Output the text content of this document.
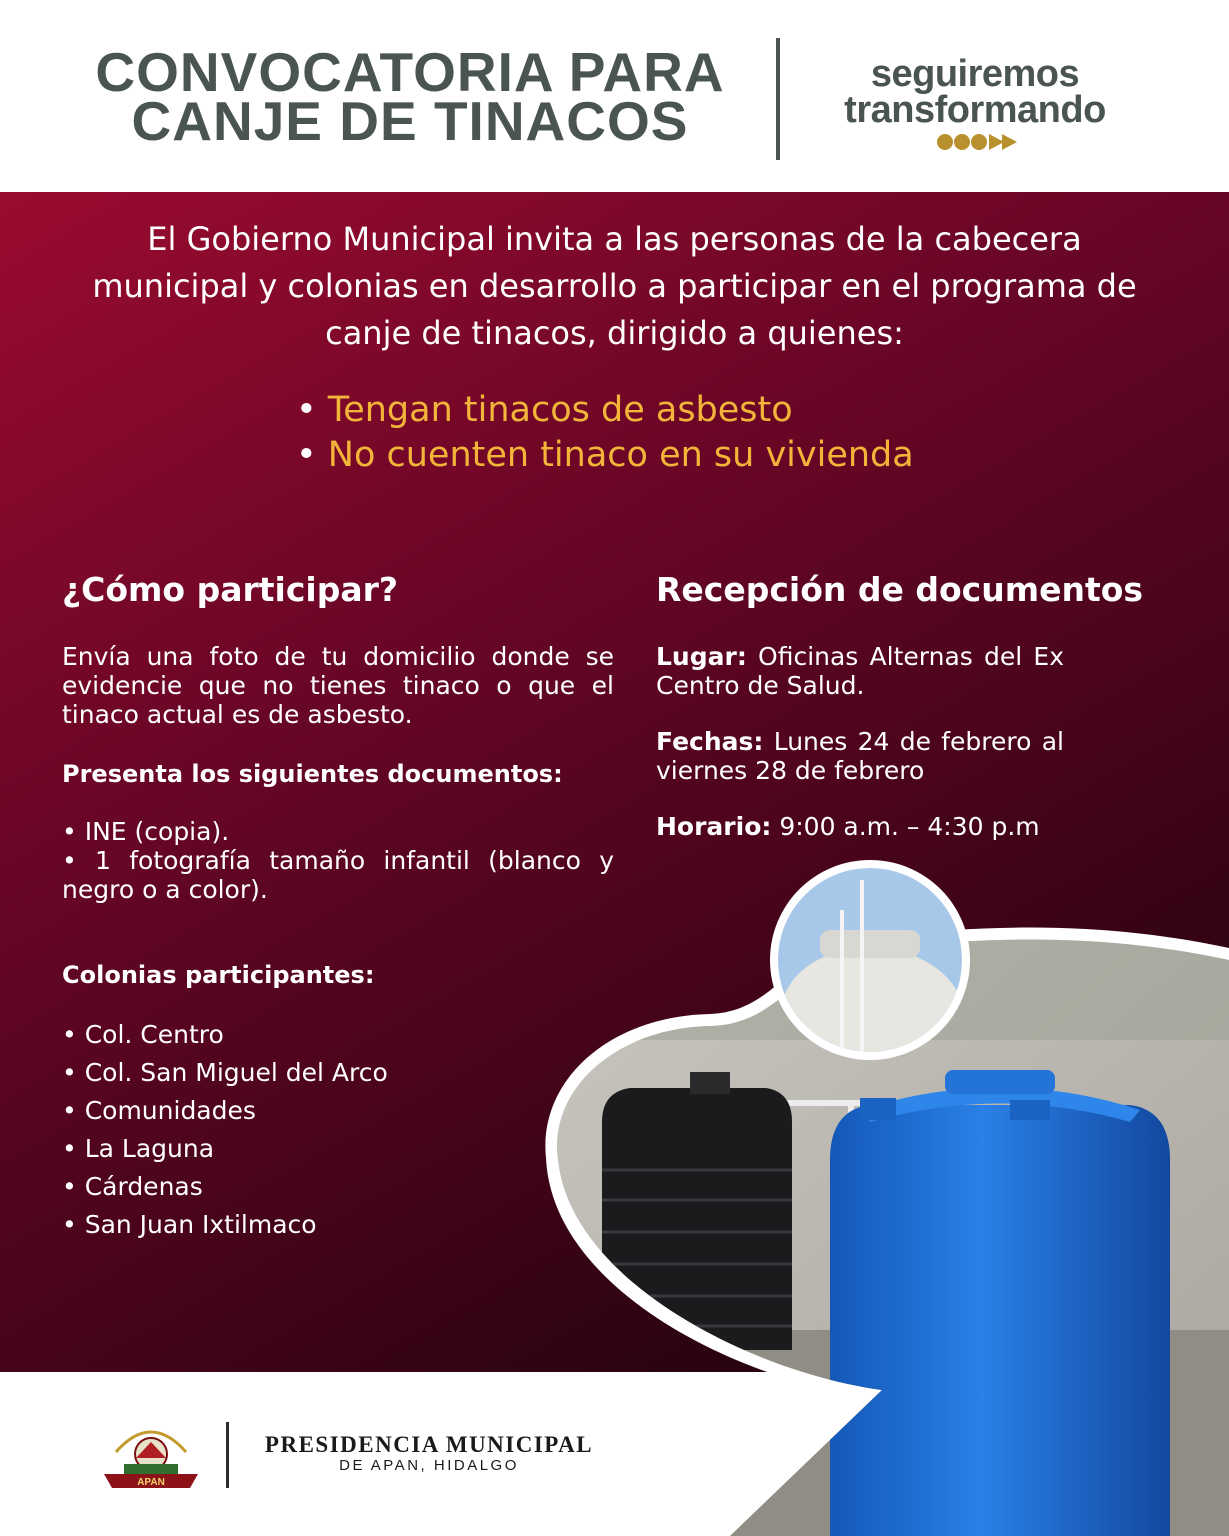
CONVOCATORIA PARA
CANJE DE TINACOS
seguiremos
transformando
El Gobierno Municipal invita a las personas de la cabecera
municipal y colonias en desarrollo a participar en el programa de
canje de tinacos, dirigido a quienes:
• Tengan tinacos de asbesto
• No cuenten tinaco en su vivienda
¿Cómo participar?
Envía una foto de tu domicilio donde se evidencie que no tienes tinaco o que el tinaco actual es de asbesto.
Presenta los siguientes documentos:
• INE (copia).
• 1 fotografía tamaño infantil (blanco y negro o a color).
Colonias participantes:
• Col. Centro
• Col. San Miguel del Arco
• Comunidades
• La Laguna
• Cárdenas
• San Juan Ixtilmaco
Recepción de documentos
Lugar: Oficinas Alternas del Ex Centro de Salud.
Fechas: Lunes 24 de febrero al viernes 28 de febrero
Horario: 9:00 a.m. – 4:30 p.m
APAN
PRESIDENCIA MUNICIPAL
DE APAN, HIDALGO
